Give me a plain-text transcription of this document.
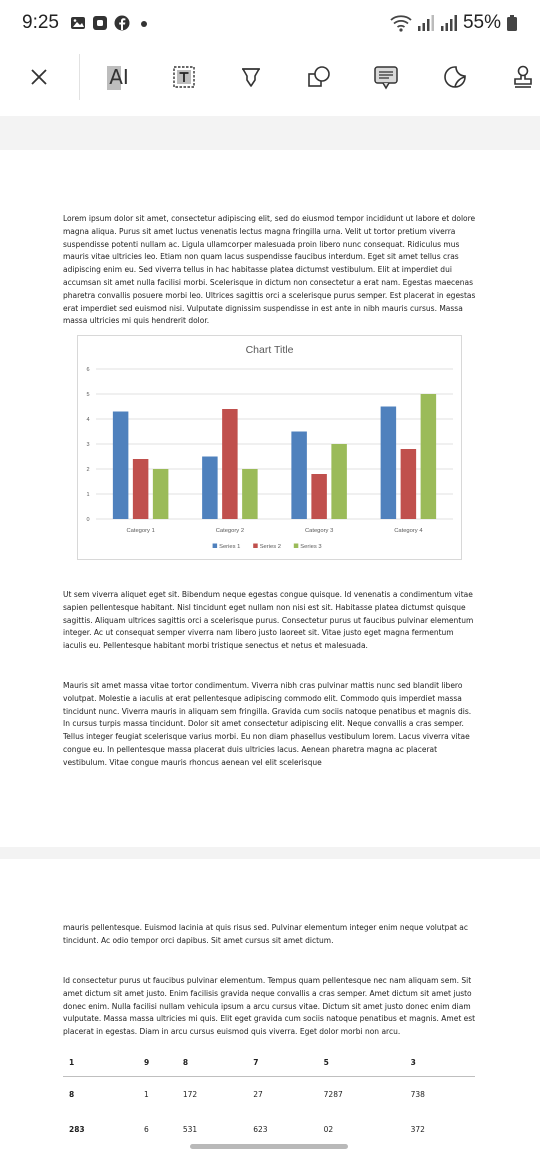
9:25	55%
AI

Lorem ipsum dolor sit amet, consectetur adipiscing elit, sed do eiusmod tempor incididunt ut labore et dolore magna aliqua. Purus sit amet luctus venenatis lectus magna fringilla urna. Velit ut tortor pretium viverra suspendisse potenti nullam ac. Ligula ullamcorper malesuada proin libero nunc consequat. Ridiculus mus mauris vitae ultricies leo. Etiam non quam lacus suspendisse faucibus interdum. Eget sit amet tellus cras adipiscing enim eu. Sed viverra tellus in hac habitasse platea dictumst vestibulum. Elit at imperdiet dui accumsan sit amet nulla facilisi morbi. Scelerisque in dictum non consectetur a erat nam. Egestas maecenas pharetra convallis posuere morbi leo. Ultrices sagittis orci a scelerisque purus semper. Est placerat in egestas erat imperdiet sed euismod nisi. Vulputate dignissim suspendisse in est ante in nibh mauris cursus. Massa massa ultricies mi quis hendrerit dolor.

Chart Title
0
1
2
3
4
5
6
Category 1	Category 2	Category 3	Category 4
Series 1	Series 2	Series 3

Ut sem viverra aliquet eget sit. Bibendum neque egestas congue quisque. Id venenatis a condimentum vitae sapien pellentesque habitant. Nisl tincidunt eget nullam non nisi est sit. Habitasse platea dictumst quisque sagittis. Aliquam ultrices sagittis orci a scelerisque purus. Consectetur purus ut faucibus pulvinar elementum integer. Ac ut consequat semper viverra nam libero justo laoreet sit. Vitae justo eget magna fermentum iaculis eu. Pellentesque habitant morbi tristique senectus et netus et malesuada.

Mauris sit amet massa vitae tortor condimentum. Viverra nibh cras pulvinar mattis nunc sed blandit libero volutpat. Molestie a iaculis at erat pellentesque adipiscing commodo elit. Commodo quis imperdiet massa tincidunt nunc. Viverra mauris in aliquam sem fringilla. Gravida cum sociis natoque penatibus et magnis dis. In cursus turpis massa tincidunt. Dolor sit amet consectetur adipiscing elit. Neque convallis a cras semper. Tellus integer feugiat scelerisque varius morbi. Eu non diam phasellus vestibulum lorem. Lacus viverra vitae congue eu. In pellentesque massa placerat duis ultricies lacus. Aenean pharetra magna ac placerat vestibulum. Vitae congue mauris rhoncus aenean vel elit scelerisque

mauris pellentesque. Euismod lacinia at quis risus sed. Pulvinar elementum integer enim neque volutpat ac tincidunt. Ac odio tempor orci dapibus. Sit amet cursus sit amet dictum.

Id consectetur purus ut faucibus pulvinar elementum. Tempus quam pellentesque nec nam aliquam sem. Sit amet dictum sit amet justo. Enim facilisis gravida neque convallis a cras semper. Amet dictum sit amet justo donec enim. Nulla facilisi nullam vehicula ipsum a arcu cursus vitae. Dictum sit amet justo donec enim diam vulputate. Massa massa ultricies mi quis. Elit eget gravida cum sociis natoque penatibus et magnis. Amet est placerat in egestas. Diam in arcu cursus euismod quis viverra. Eget dolor morbi non arcu.

1	9	8	7	5	3
8	1	172	27	7287	738
283	6	531	623	02	372
